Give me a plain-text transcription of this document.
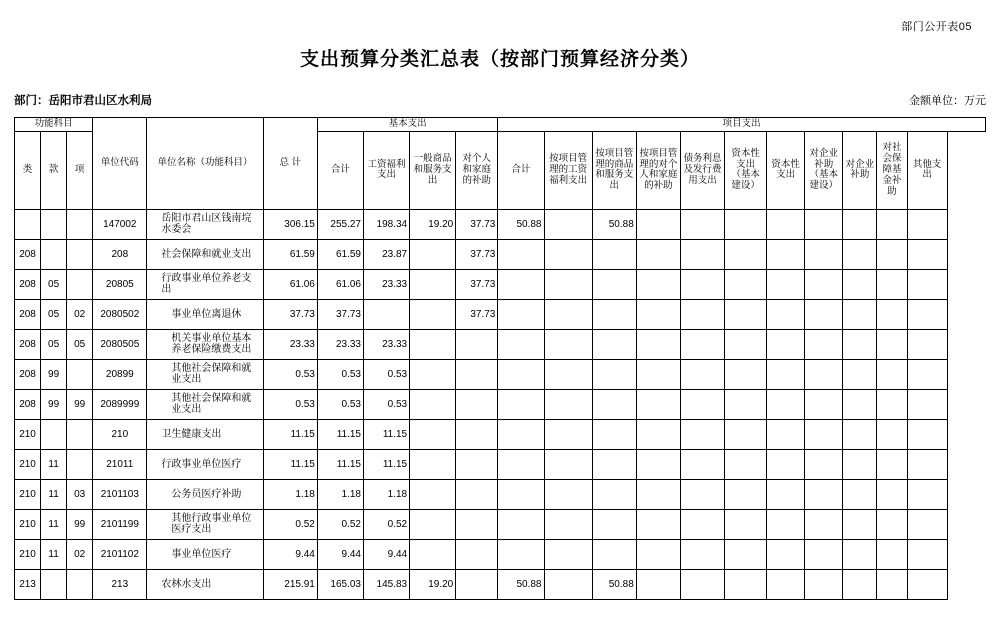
部门公开表05
支出预算分类汇总表（按部门预算经济分类）
部门：岳阳市君山区水利局	金额单位：万元
功能科目			单位代码	单位名称（功能科目）	总 计	基本支出				项目支出										
类	款	项				合计	工资福利支出	一般商品和服务支出	对个人和家庭的补助	合计	按项目管理的工资福利支出	按项目管理的商品和服务支出	按项目管理的对个人和家庭的补助	债务利息及发行费用支出	资本性支出（基本建设）	资本性支出	对企业补助（基本建设）	对企业补助	对社会保障基金补助	其他支出
			147002	岳阳市君山区钱南垸水委会	306.15	255.27	198.34	19.20	37.73	50.88		50.88								
208			208	社会保障和就业支出	61.59	61.59	23.87		37.73											
208	05		20805	行政事业单位养老支出	61.06	61.06	23.33		37.73											
208	05	02	2080502	事业单位离退休	37.73	37.73			37.73											
208	05	05	2080505	机关事业单位基本养老保险缴费支出	23.33	23.33	23.33													
208	99		20899	其他社会保障和就业支出	0.53	0.53	0.53													
208	99	99	2089999	其他社会保障和就业支出	0.53	0.53	0.53													
210			210	卫生健康支出	11.15	11.15	11.15													
210	11		21011	行政事业单位医疗	11.15	11.15	11.15													
210	11	03	2101103	公务员医疗补助	1.18	1.18	1.18													
210	11	99	2101199	其他行政事业单位医疗支出	0.52	0.52	0.52													
210	11	02	2101102	事业单位医疗	9.44	9.44	9.44													
213			213	农林水支出	215.91	165.03	145.83	19.20		50.88		50.88								
